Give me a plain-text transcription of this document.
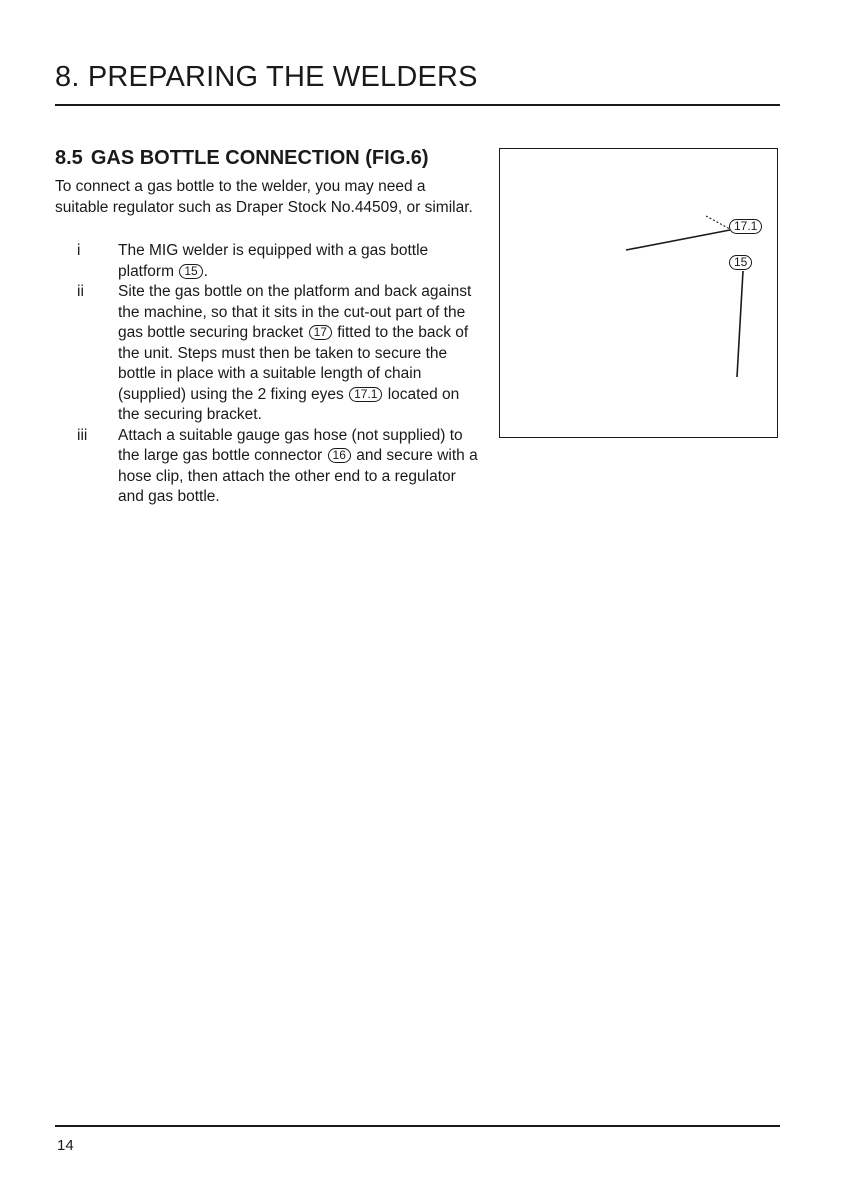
8. PREPARING THE WELDERS
8.5 GAS BOTTLE CONNECTION (FIG.6)

To connect a gas bottle to the welder, you may need a suitable regulator such as Draper Stock No.44509, or similar.

i	The MIG welder is equipped with a gas bottle platform 15 .
ii	Site the gas bottle on the platform and back against the machine, so that it sits in the cut-out part of the gas bottle securing bracket 17 fitted to the back of the unit. Steps must then be taken to secure the bottle in place with a suitable length of chain (supplied) using the 2 fixing eyes 17.1 located on the securing bracket.
iii	Attach a suitable gauge gas hose (not supplied) to the large gas bottle connector 16 and secure with a hose clip, then attach the other end to a regulator and gas bottle.
17.1
15
14
